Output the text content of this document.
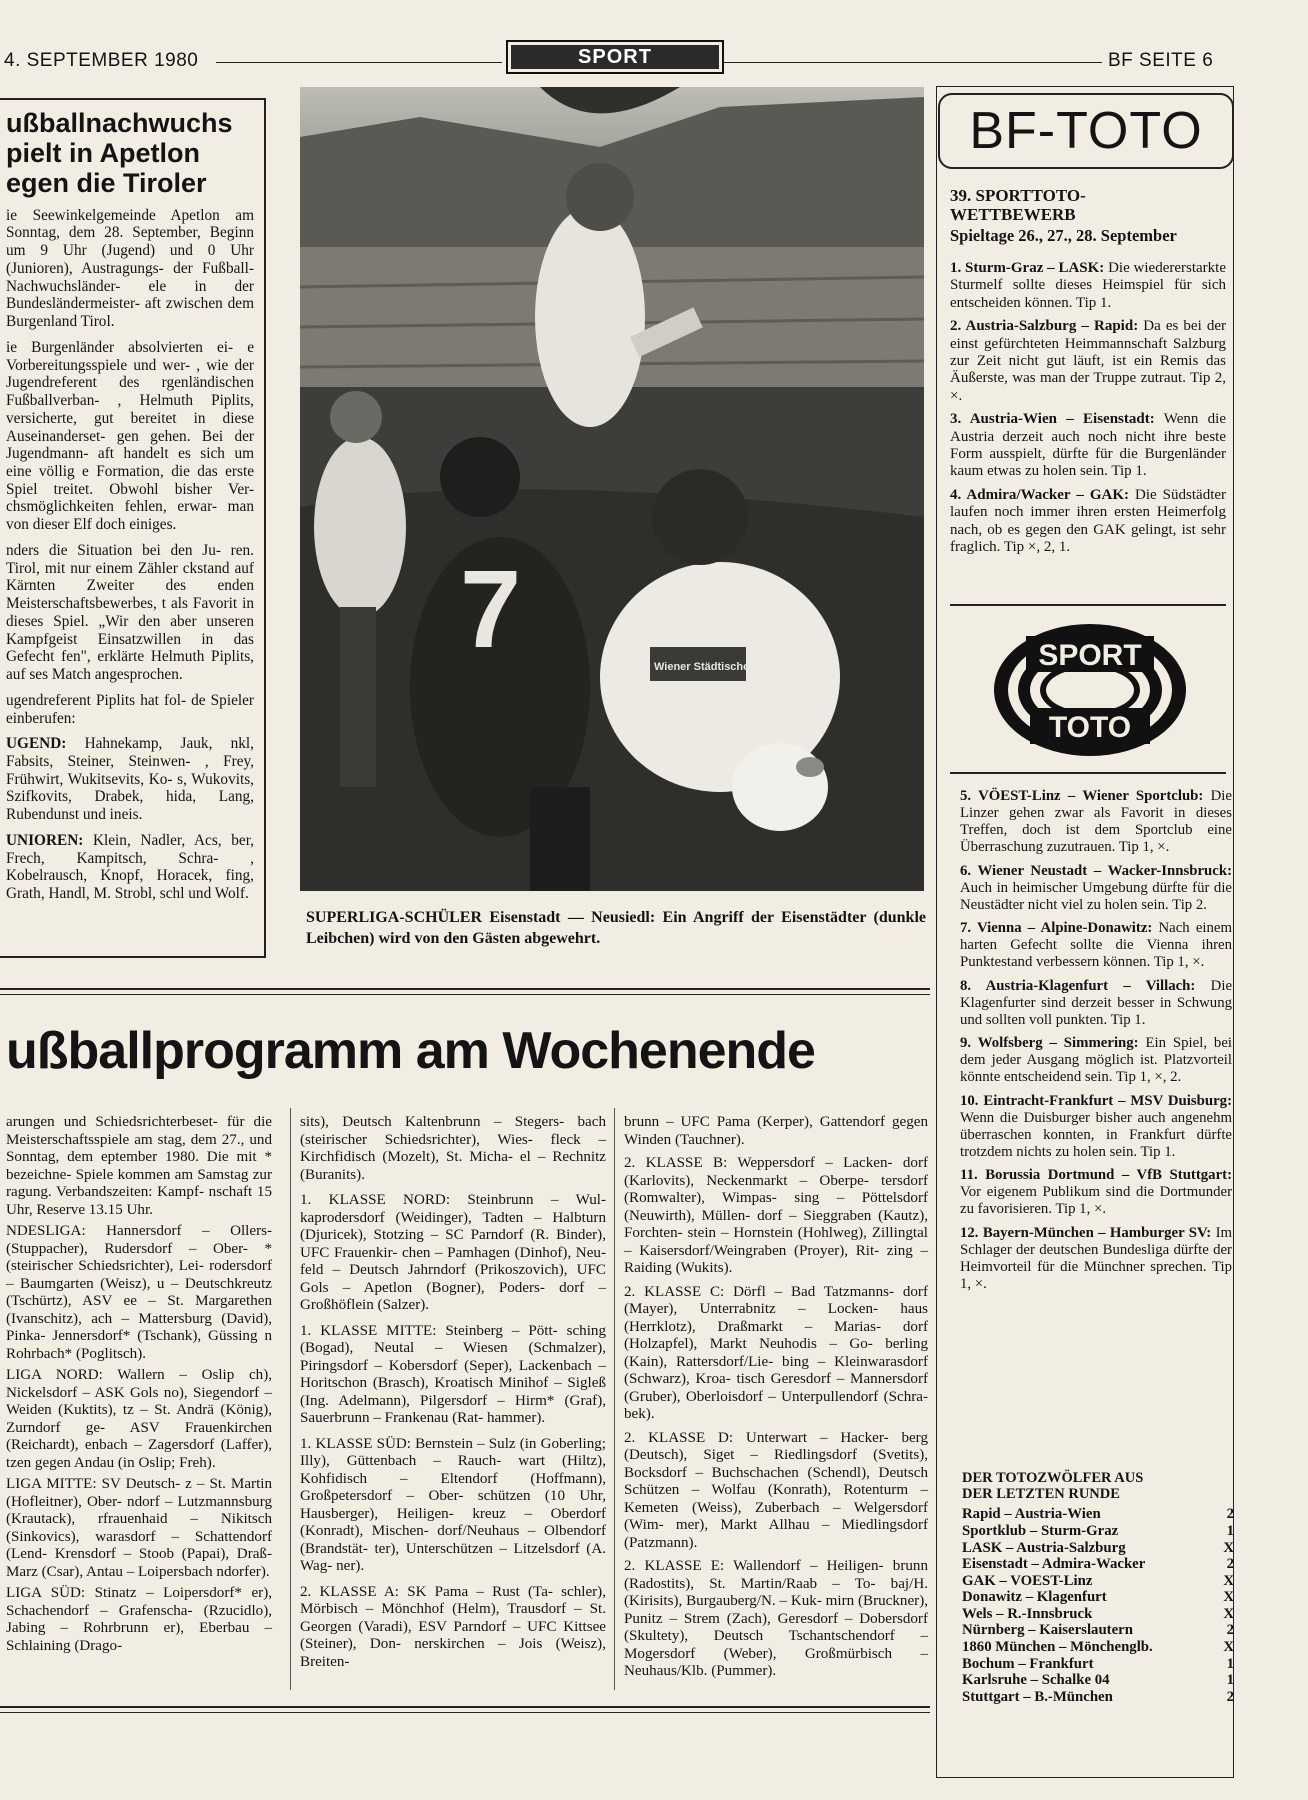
4. SEPTEMBER 1980	SPORT	BF SEITE 6
ußballnachwuchs
pielt in Apetlon
egen die Tiroler

ie Seewinkelgemeinde Apetlon am Sonntag, dem 28. September, Beginn um 9 Uhr (Jugend) und 0 Uhr (Junioren), Austragungs- der Fußball-Nachwuchsländer- ele in der Bundesländermeister- aft zwischen dem Burgenland Tirol.

ie Burgenländer absolvierten ei- e Vorbereitungsspiele und wer- , wie der Jugendreferent des rgenländischen Fußballverban- , Helmuth Piplits, versicherte, gut bereitet in diese Auseinanderset- gen gehen. Bei der Jugendmann- aft handelt es sich um eine völlig e Formation, die das erste Spiel treitet. Obwohl bisher Ver- chsmöglichkeiten fehlen, erwar- man von dieser Elf doch einiges.

nders die Situation bei den Ju- ren. Tirol, mit nur einem Zähler ckstand auf Kärnten Zweiter des enden Meisterschaftsbewerbes, t als Favorit in dieses Spiel. „Wir den aber unseren Kampfgeist Einsatzwillen in das Gefecht fen", erklärte Helmuth Piplits, auf ses Match angesprochen.

ugendreferent Piplits hat fol- de Spieler einberufen:

UGEND: Hahnekamp, Jauk, nkl, Fabsits, Steiner, Steinwen- , Frey, Frühwirt, Wukitsevits, Ko- s, Wukovits, Szifkovits, Drabek, hida, Lang, Rubendunst und ineis.

UNIOREN: Klein, Nadler, Acs, ber, Frech, Kampitsch, Schra- , Kobelrausch, Knopf, Horacek, fing, Grath, Handl, M. Strobl, schl und Wolf.

7	Wiener Städtische
SUPERLIGA-SCHÜLER Eisenstadt — Neusiedl: Ein Angriff der Eisenstädter (dunkle Leibchen) wird von den Gästen abgewehrt.
ußballprogramm am Wochenende

arungen und Schiedsrichterbeset- für die Meisterschaftsspiele am stag, dem 27., und Sonntag, dem eptember 1980. Die mit * bezeichne- Spiele kommen am Samstag zur ragung. Verbandszeiten: Kampf- nschaft 15 Uhr, Reserve 13.15 Uhr.

NDESLIGA: Hannersdorf – Ollers- (Stuppacher), Rudersdorf – Ober- * (steirischer Schiedsrichter), Lei- rodersdorf – Baumgarten (Weisz), u – Deutschkreutz (Tschürtz), ASV ee – St. Margarethen (Ivanschitz), ach – Mattersburg (David), Pinka- Jennersdorf* (Tschank), Güssing n Rohrbach* (Poglitsch).

LIGA NORD: Wallern – Oslip ch), Nickelsdorf – ASK Gols no), Siegendorf – Weiden (Kuktits), tz – St. Andrä (König), Zurndorf ge- ASV Frauenkirchen (Reichardt), enbach – Zagersdorf (Laffer), tzen gegen Andau (in Oslip; Freh).

LIGA MITTE: SV Deutsch- z – St. Martin (Hofleitner), Ober- ndorf – Lutzmannsburg (Krautack), rfrauenhaid – Nikitsch (Sinkovics), warasdorf – Schattendorf (Lend- Krensdorf – Stoob (Papai), Draß- Marz (Csar), Antau – Loipersbach ndorfer).

LIGA SÜD: Stinatz – Loipersdorf* er), Schachendorf – Grafenscha- (Rzucidlo), Jabing – Rohrbrunn er), Eberbau – Schlaining (Drago-

sits), Deutsch Kaltenbrunn – Stegers- bach (steirischer Schiedsrichter), Wies- fleck – Kirchfidisch (Mozelt), St. Micha- el – Rechnitz (Buranits).

1. KLASSE NORD: Steinbrunn – Wul- kaprodersdorf (Weidinger), Tadten – Halbturn (Djuricek), Stotzing – SC Parndorf (R. Binder), UFC Frauenkir- chen – Pamhagen (Dinhof), Neu- feld – Deutsch Jahrndorf (Prikoszovich), UFC Gols – Apetlon (Bogner), Poders- dorf – Großhöflein (Salzer).

1. KLASSE MITTE: Steinberg – Pött- sching (Bogad), Neutal – Wiesen (Schmalzer), Piringsdorf – Kobersdorf (Seper), Lackenbach – Horitschon (Brasch), Kroatisch Minihof – Sigleß (Ing. Adelmann), Pilgersdorf – Hirm* (Graf), Sauerbrunn – Frankenau (Rat- hammer).

1. KLASSE SÜD: Bernstein – Sulz (in Goberling; Illy), Güttenbach – Rauch- wart (Hiltz), Kohfidisch – Eltendorf (Hoffmann), Großpetersdorf – Ober- schützen (10 Uhr, Hausberger), Heiligen- kreuz – Oberdorf (Konradt), Mischen- dorf/Neuhaus – Olbendorf (Brandstät- ter), Unterschützen – Litzelsdorf (A. Wag- ner).

2. KLASSE A: SK Pama – Rust (Ta- schler), Mörbisch – Mönchhof (Helm), Trausdorf – St. Georgen (Varadi), ESV Parndorf – UFC Kittsee (Steiner), Don- nerskirchen – Jois (Weisz), Breiten-

brunn – UFC Pama (Kerper), Gattendorf gegen Winden (Tauchner).

2. KLASSE B: Weppersdorf – Lacken- dorf (Karlovits), Neckenmarkt – Oberpe- tersdorf (Romwalter), Wimpas- sing – Pöttelsdorf (Neuwirth), Müllen- dorf – Sieggraben (Kautz), Forchten- stein – Hornstein (Hohlweg), Zillingtal – Kaisersdorf/Weingraben (Proyer), Rit- zing – Raiding (Wukits).

2. KLASSE C: Dörfl – Bad Tatzmanns- dorf (Mayer), Unterrabnitz – Locken- haus (Herrklotz), Draßmarkt – Marias- dorf (Holzapfel), Markt Neuhodis – Go- berling (Kain), Rattersdorf/Lie- bing – Kleinwarasdorf (Schwarz), Kroa- tisch Geresdorf – Mannersdorf (Gruber), Oberloisdorf – Unterpullendorf (Schra- bek).

2. KLASSE D: Unterwart – Hacker- berg (Deutsch), Siget – Riedlingsdorf (Svetits), Bocksdorf – Buchschachen (Schendl), Deutsch Schützen – Wolfau (Konrath), Rotenturm – Kemeten (Weiss), Zuberbach – Welgersdorf (Wim- mer), Markt Allhau – Miedlingsdorf (Patzmann).

2. KLASSE E: Wallendorf – Heiligen- brunn (Radostits), St. Martin/Raab – To- baj/H. (Kirisits), Burgauberg/N. – Kuk- mirn (Bruckner), Punitz – Strem (Zach), Geresdorf – Dobersdorf (Skultety), Deutsch Tschantschendorf – Mogersdorf (Weber), Großmürbisch – Neuhaus/Klb. (Pummer).

BF-TOTO
39. SPORTTOTO-WETTBEWERB
Spieltage 26., 27., 28. September
1. Sturm-Graz – LASK: Die wiedererstarkte Sturmelf sollte dieses Heimspiel für sich entscheiden können. Tip 1.
2. Austria-Salzburg – Rapid: Da es bei der einst gefürchteten Heimmannschaft Salzburg zur Zeit nicht gut läuft, ist ein Remis das Äußerste, was man der Truppe zutraut. Tip 2, ×.
3. Austria-Wien – Eisenstadt: Wenn die Austria derzeit auch noch nicht ihre beste Form ausspielt, dürfte für die Burgenländer kaum etwas zu holen sein. Tip 1.
4. Admira/Wacker – GAK: Die Südstädter laufen noch immer ihren ersten Heimerfolg nach, ob es gegen den GAK gelingt, ist sehr fraglich. Tip ×, 2, 1.
SPORT
TOTO
5. VÖEST-Linz – Wiener Sportclub: Die Linzer gehen zwar als Favorit in dieses Treffen, doch ist dem Sportclub eine Überraschung zuzutrauen. Tip 1, ×.
6. Wiener Neustadt – Wacker-Innsbruck: Auch in heimischer Umgebung dürfte für die Neustädter nicht viel zu holen sein. Tip 2.
7. Vienna – Alpine-Donawitz: Nach einem harten Gefecht sollte die Vienna ihren Punktestand verbessern können. Tip 1, ×.
8. Austria-Klagenfurt – Villach: Die Klagenfurter sind derzeit besser in Schwung und sollten voll punkten. Tip 1.
9. Wolfsberg – Simmering: Ein Spiel, bei dem jeder Ausgang möglich ist. Platzvorteil könnte entscheidend sein. Tip 1, ×, 2.
10. Eintracht-Frankfurt – MSV Duisburg: Wenn die Duisburger bisher auch angenehm überraschen konnten, in Frankfurt dürfte trotzdem nichts zu holen sein. Tip 1.
11. Borussia Dortmund – VfB Stuttgart: Vor eigenem Publikum sind die Dortmunder zu favorisieren. Tip 1, ×.
12. Bayern-München – Hamburger SV: Im Schlager der deutschen Bundesliga dürfte der Heimvorteil für die Münchner sprechen. Tip 1, ×.
DER TOTOZWÖLFER AUS DER LETZTEN RUNDE
Rapid – Austria-Wien	2
Sportklub – Sturm-Graz	1
LASK – Austria-Salzburg	X
Eisenstadt – Admira-Wacker	2
GAK – VOEST-Linz	X
Donawitz – Klagenfurt	X
Wels – R.-Innsbruck	X
Nürnberg – Kaiserslautern	2
1860 München – Mönchenglb.	X
Bochum – Frankfurt	1
Karlsruhe – Schalke 04	1
Stuttgart – B.-München	2
